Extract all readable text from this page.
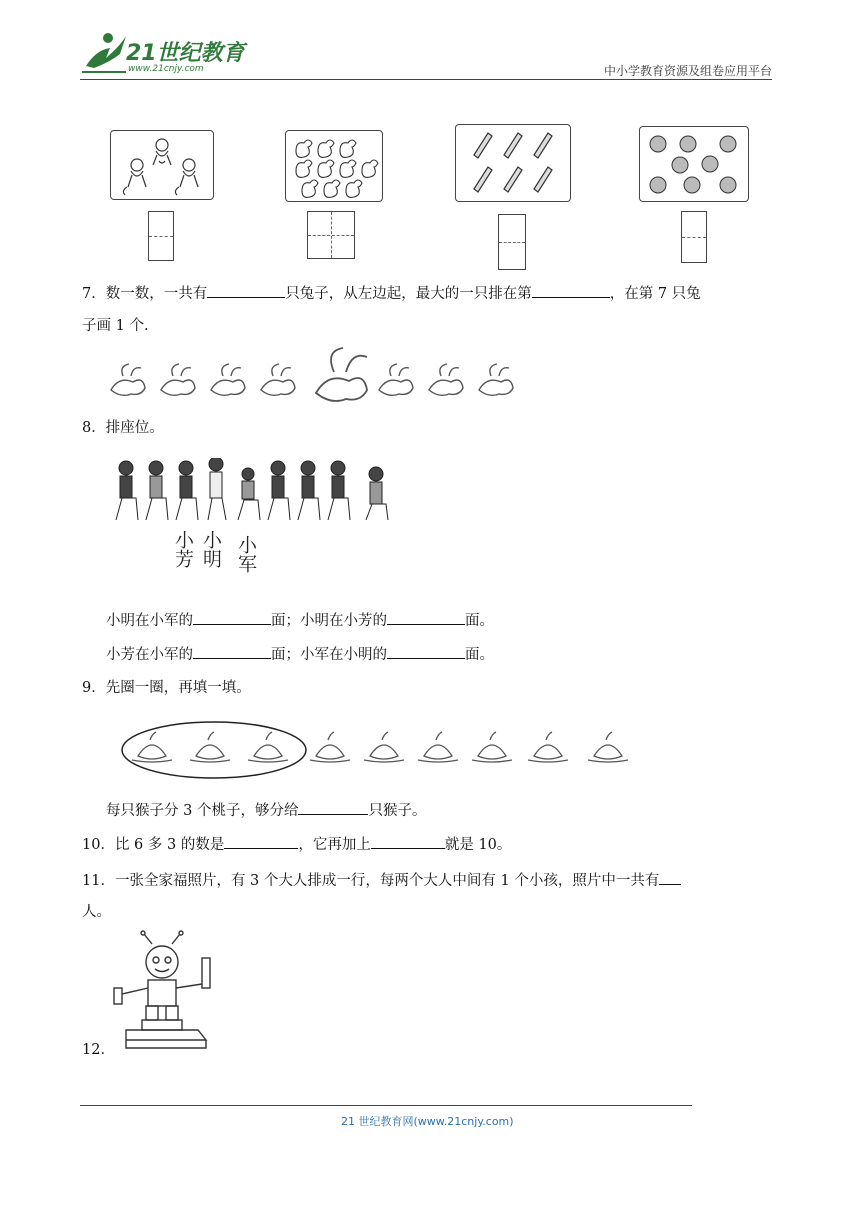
21世纪教育
www.21cnjy.com	中小学教育资源及组卷应用平台
7．数一数，一共有	只兔子，从左边起，最大的一只排在第	，在第 7 只兔
子画 1 个.
8．排座位。
小芳 小明 小军
小明在小军的	面；小明在小芳的	面。
小芳在小军的	面；小军在小明的	面。
9．先圈一圈，再填一填。
每只猴子分 3 个桃子，够分给	只猴子。
10．比 6 多 3 的数是	，它再加上	就是 10。
11．一张全家福照片，有 3 个大人排成一行，每两个大人中间有 1 个小孩，照片中一共有
人。
12．
21 世纪教育网(www.21cnjy.com)
